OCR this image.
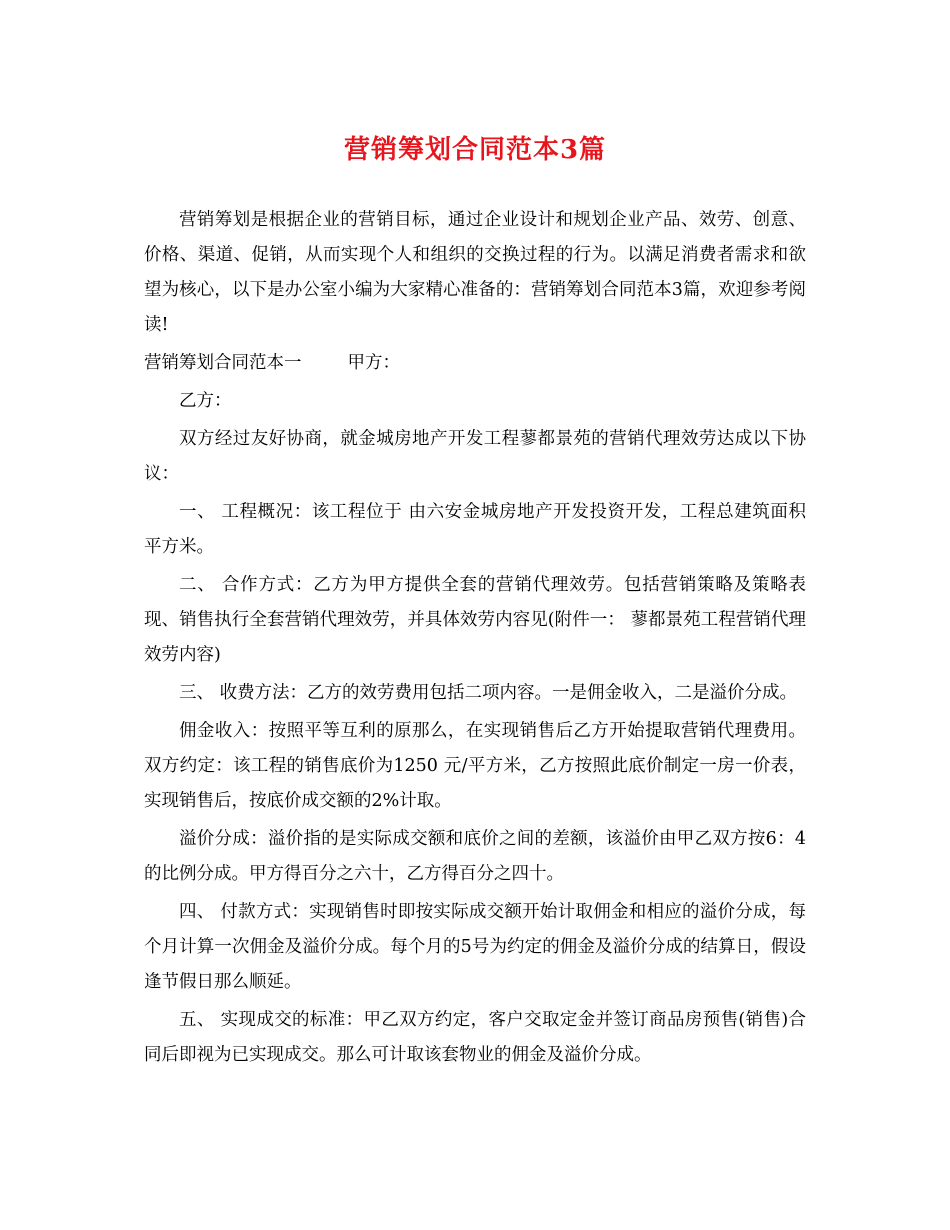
营销筹划合同范本3篇

营销筹划是根据企业的营销目标，通过企业设计和规划企业产品、效劳、创意、价格、渠道、促销，从而实现个人和组织的交换过程的行为。以满足消费者需求和欲望为核心，以下是办公室小编为大家精心准备的：营销筹划合同范本3篇，欢迎参考阅读!

营销筹划合同范本一	甲方：

乙方：

双方经过友好协商，就金城房地产开发工程蓼都景苑的营销代理效劳达成以下协议：

一、 工程概况：该工程位于 由六安金城房地产开发投资开发，工程总建筑面积 平方米。

二、 合作方式：乙方为甲方提供全套的营销代理效劳。包括营销策略及策略表现、销售执行全套营销代理效劳，并具体效劳内容见(附件一： 蓼都景苑工程营销代理效劳内容)

三、 收费方法：乙方的效劳费用包括二项内容。一是佣金收入，二是溢价分成。

佣金收入：按照平等互利的原那么，在实现销售后乙方开始提取营销代理费用。双方约定：该工程的销售底价为1250 元/平方米，乙方按照此底价制定一房一价表，实现销售后，按底价成交额的2%计取。

溢价分成：溢价指的是实际成交额和底价之间的差额，该溢价由甲乙双方按6：4的比例分成。甲方得百分之六十，乙方得百分之四十。

四、 付款方式：实现销售时即按实际成交额开始计取佣金和相应的溢价分成，每个月计算一次佣金及溢价分成。每个月的5号为约定的佣金及溢价分成的结算日，假设逢节假日那么顺延。

五、 实现成交的标准：甲乙双方约定，客户交取定金并签订商品房预售(销售)合同后即视为已实现成交。那么可计取该套物业的佣金及溢价分成。
